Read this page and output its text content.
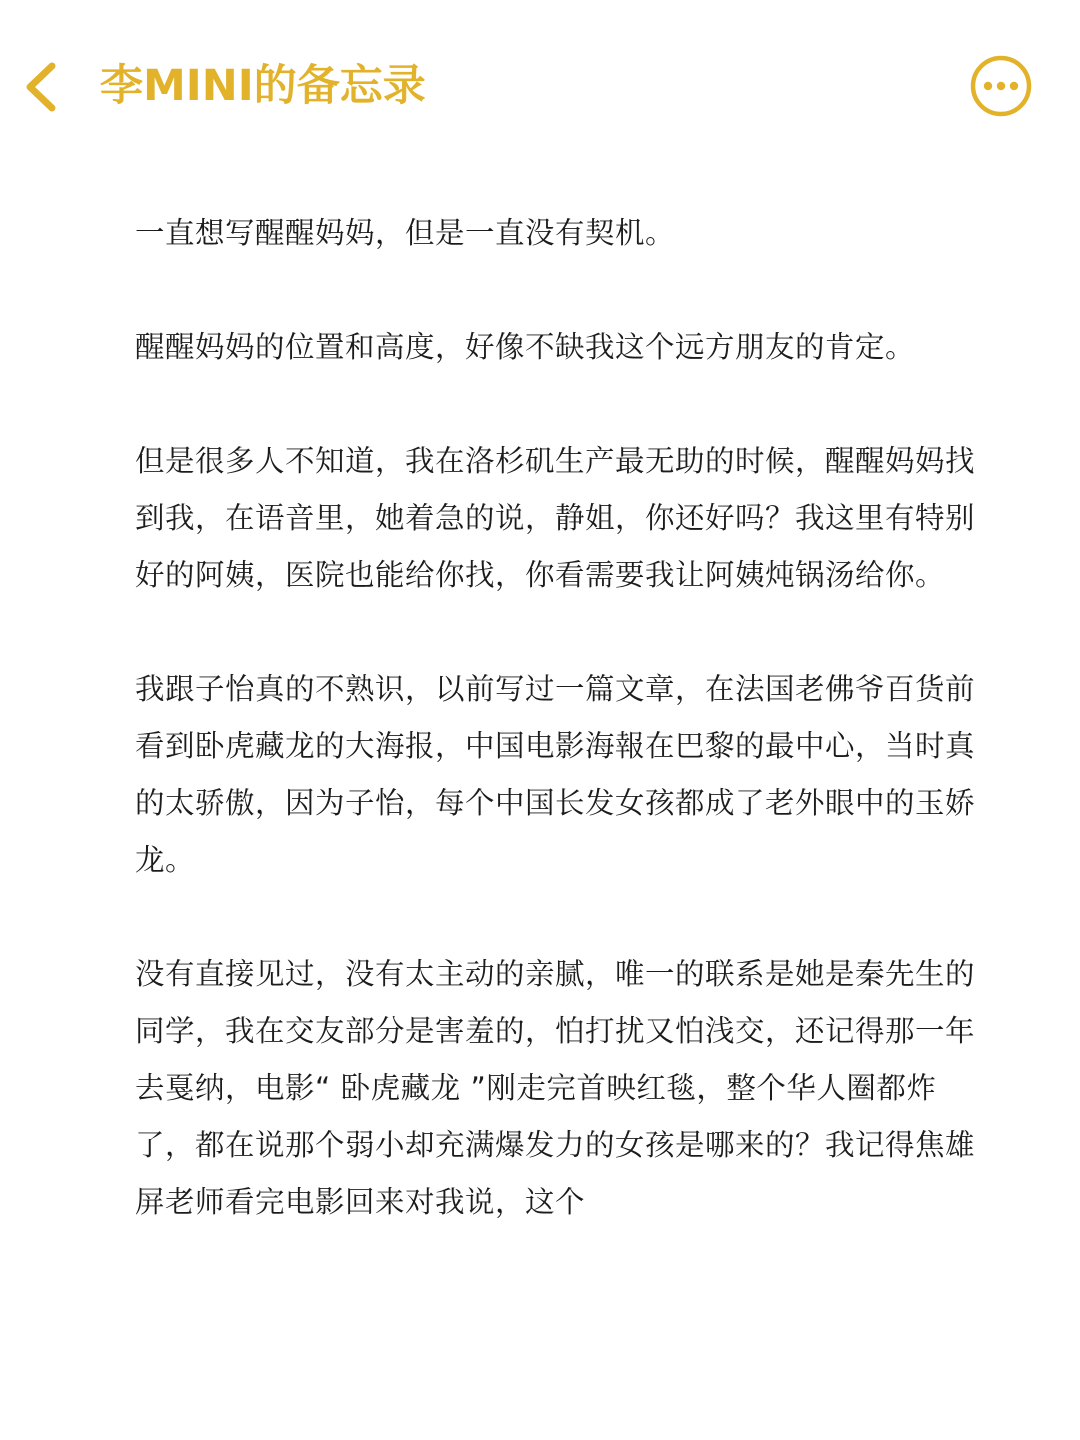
李MINI的备忘录

一直想写醒醒妈妈，但是一直没有契机。

醒醒妈妈的位置和高度，好像不缺我这个远方朋友的肯定。

但是很多人不知道，我在洛杉矶生产最无助的时候，醒醒妈妈找到我，在语音里，她着急的说，静姐，你还好吗？我这里有特别好的阿姨，医院也能给你找，你看需要我让阿姨炖锅汤给你。

我跟子怡真的不熟识，以前写过一篇文章，在法国老佛爷百货前看到卧虎藏龙的大海报，中国电影海報在巴黎的最中心，当时真的太骄傲，因为子怡，每个中国长发女孩都成了老外眼中的玉娇龙。

没有直接见过，没有太主动的亲腻，唯一的联系是她是秦先生的同学，我在交友部分是害羞的，怕打扰又怕浅交，还记得那一年去戛纳，电影“ 卧虎藏龙 ”刚走完首映红毯，整个华人圈都炸了，都在说那个弱小却充满爆发力的女孩是哪来的？我记得焦雄屏老师看完电影回来对我说，这个
